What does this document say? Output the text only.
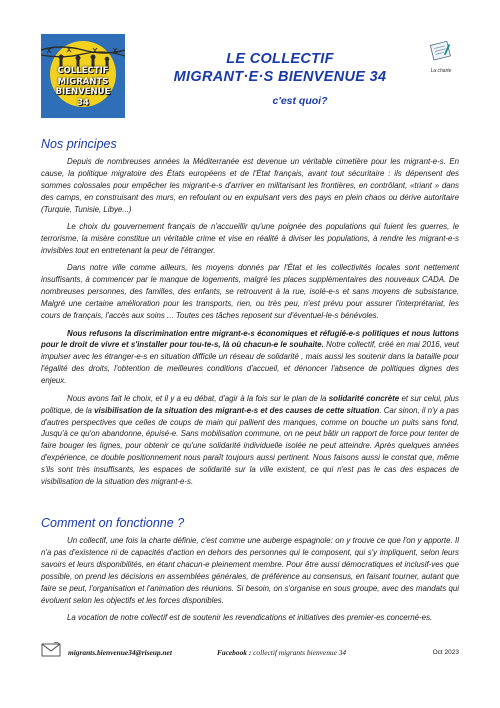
COLLECTIF
MIGRANTS
BIENVENUE
34
LE COLLECTIF
MIGRANT·E·S BIENVENUE 34
c'est quoi?
La charte
Nos principes

Depuis de nombreuses années la Méditerranée est devenue un véritable cimetière pour les migrant-e-s. En cause, la politique migratoire des États européens et de l'État français, avant tout sécuritaire : ils dépensent des sommes colossales pour empêcher les migrant-e-s d'arriver en militarisant les frontières, en contrôlant, «triant » dans des camps, en construisant des murs, en refoulant ou en expulsant vers des pays en plein chaos ou dérive autoritaire (Turquie, Tunisie, Libye...)

Le choix du gouvernement français de n'accueillir qu'une poignée des populations qui fuient les guerres, le terrorisme, la misère constitue un véritable crime et vise en réalité à diviser les populations, à rendre les migrant-e-s invisibles tout en entretenant la peur de l'étranger.

Dans notre ville comme ailleurs, les moyens donnés par l'État et les collectivités locales sont nettement insuffisants, à commencer par le manque de logements, malgré les places supplémentaires des nouveaux CADA. De nombreuses personnes, des familles, des enfants, se retrouvent à la rue, isolé-e-s et sans moyens de subsistance. Malgré une certaine amélioration pour les transports, rien, ou très peu, n'est prévu pour assurer l'interprétariat, les cours de français, l'accès aux soins ... Toutes ces tâches reposent sur d'éventuel-le-s bénévoles.

Nous refusons la discrimination entre migrant-e-s économiques et réfugié-e-s politiques et nous luttons pour le droit de vivre et s'installer pour tou-te-s, là où chacun-e le souhaite. Notre collectif, créé en mai 2016, veut impulser avec les étranger-e-s en situation difficile un réseau de solidarité , mais aussi les soutenir dans la bataille pour l'égalité des droits, l'obtention de meilleures conditions d'accueil, et dénoncer l'absence de politiques dignes des enjeux.

Nous avons fait le choix, et il y a eu débat, d'agir à la fois sur le plan de la solidarité concrète et sur celui, plus politique, de la visibilisation de la situation des migrant-e-s et des causes de cette situation. Car sinon, il n'y a pas d'autres perspectives que celles de coups de main qui pallient des manques, comme on bouche un puits sans fond. Jusqu'à ce qu'on abandonne, épuisé-e. Sans mobilisation commune, on ne peut bâtir un rapport de force pour tenter de faire bouger les lignes, pour obtenir ce qu'une solidarité individuelle isolée ne peut atteindre. Après quelques années d'expérience, ce double positionnement nous paraît toujours aussi pertinent. Nous faisons aussi le constat que, même s'ils sont très insuffisants, les espaces de solidarité sur la ville existent, ce qui n'est pas le cas des espaces de visibilisation de la situation des migrant-e-s.

Comment on fonctionne ?

Un collectif, une fois la charte définie, c'est comme une auberge espagnole: on y trouve ce que l'on y apporte. Il n'a pas d'existence ni de capacités d'action en dehors des personnes qui le composent, qui s'y impliquent, selon leurs savoirs et leurs disponibilités, en étant chacun-e pleinement membre. Pour être aussi démocratiques et inclusif-ves que possible, on prend les décisions en assemblées générales, de préférence au consensus, en faisant tourner, autant que faire se peut, l'organisation et l'animation des réunions. Si besoin, on s'organise en sous groupe, avec des mandats qui évoluent selon les objectifs et les forces disponibles.

La vocation de notre collectif est de soutenir les revendications et initiatives des premier-es concerné-es.

migrants.bienvenue34@riseup.net	Facebook : collectif migrants bienvenue 34	Oct 2023
